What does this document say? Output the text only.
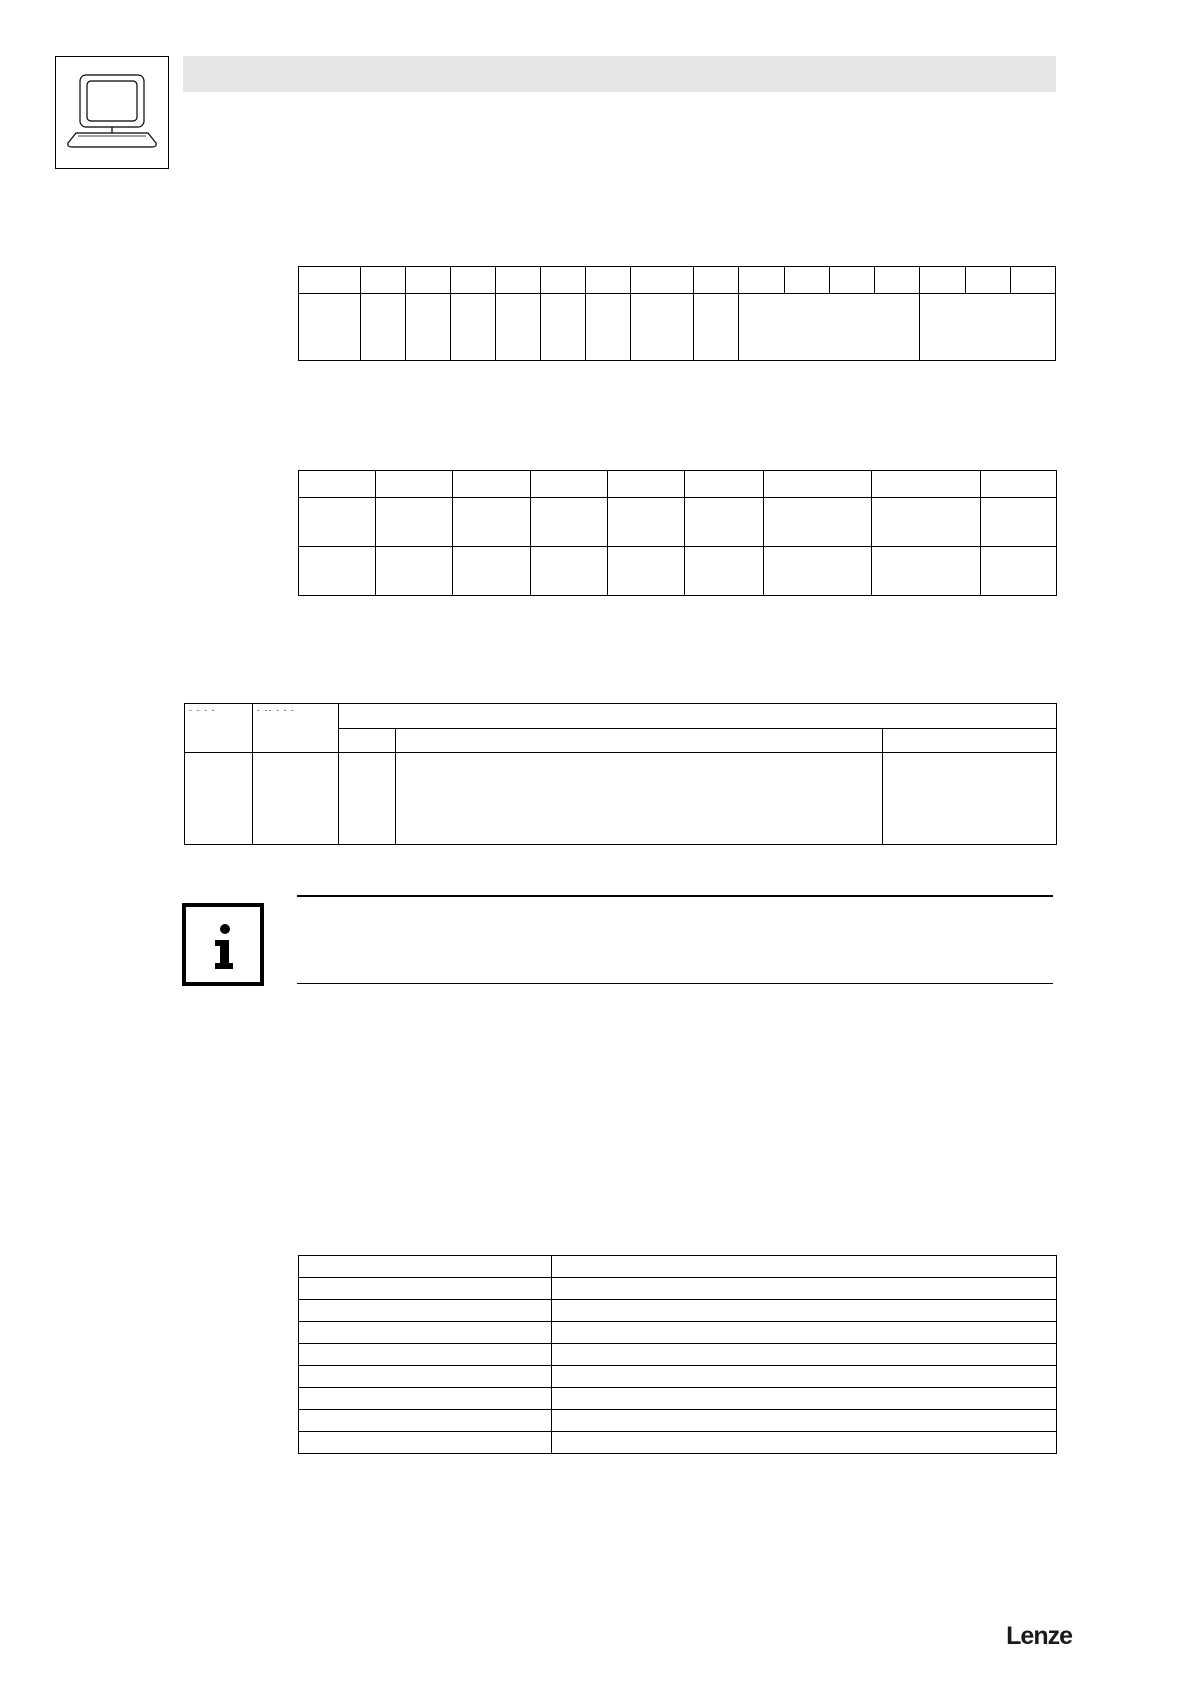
- - - -	- -- - - -			

Lenze
